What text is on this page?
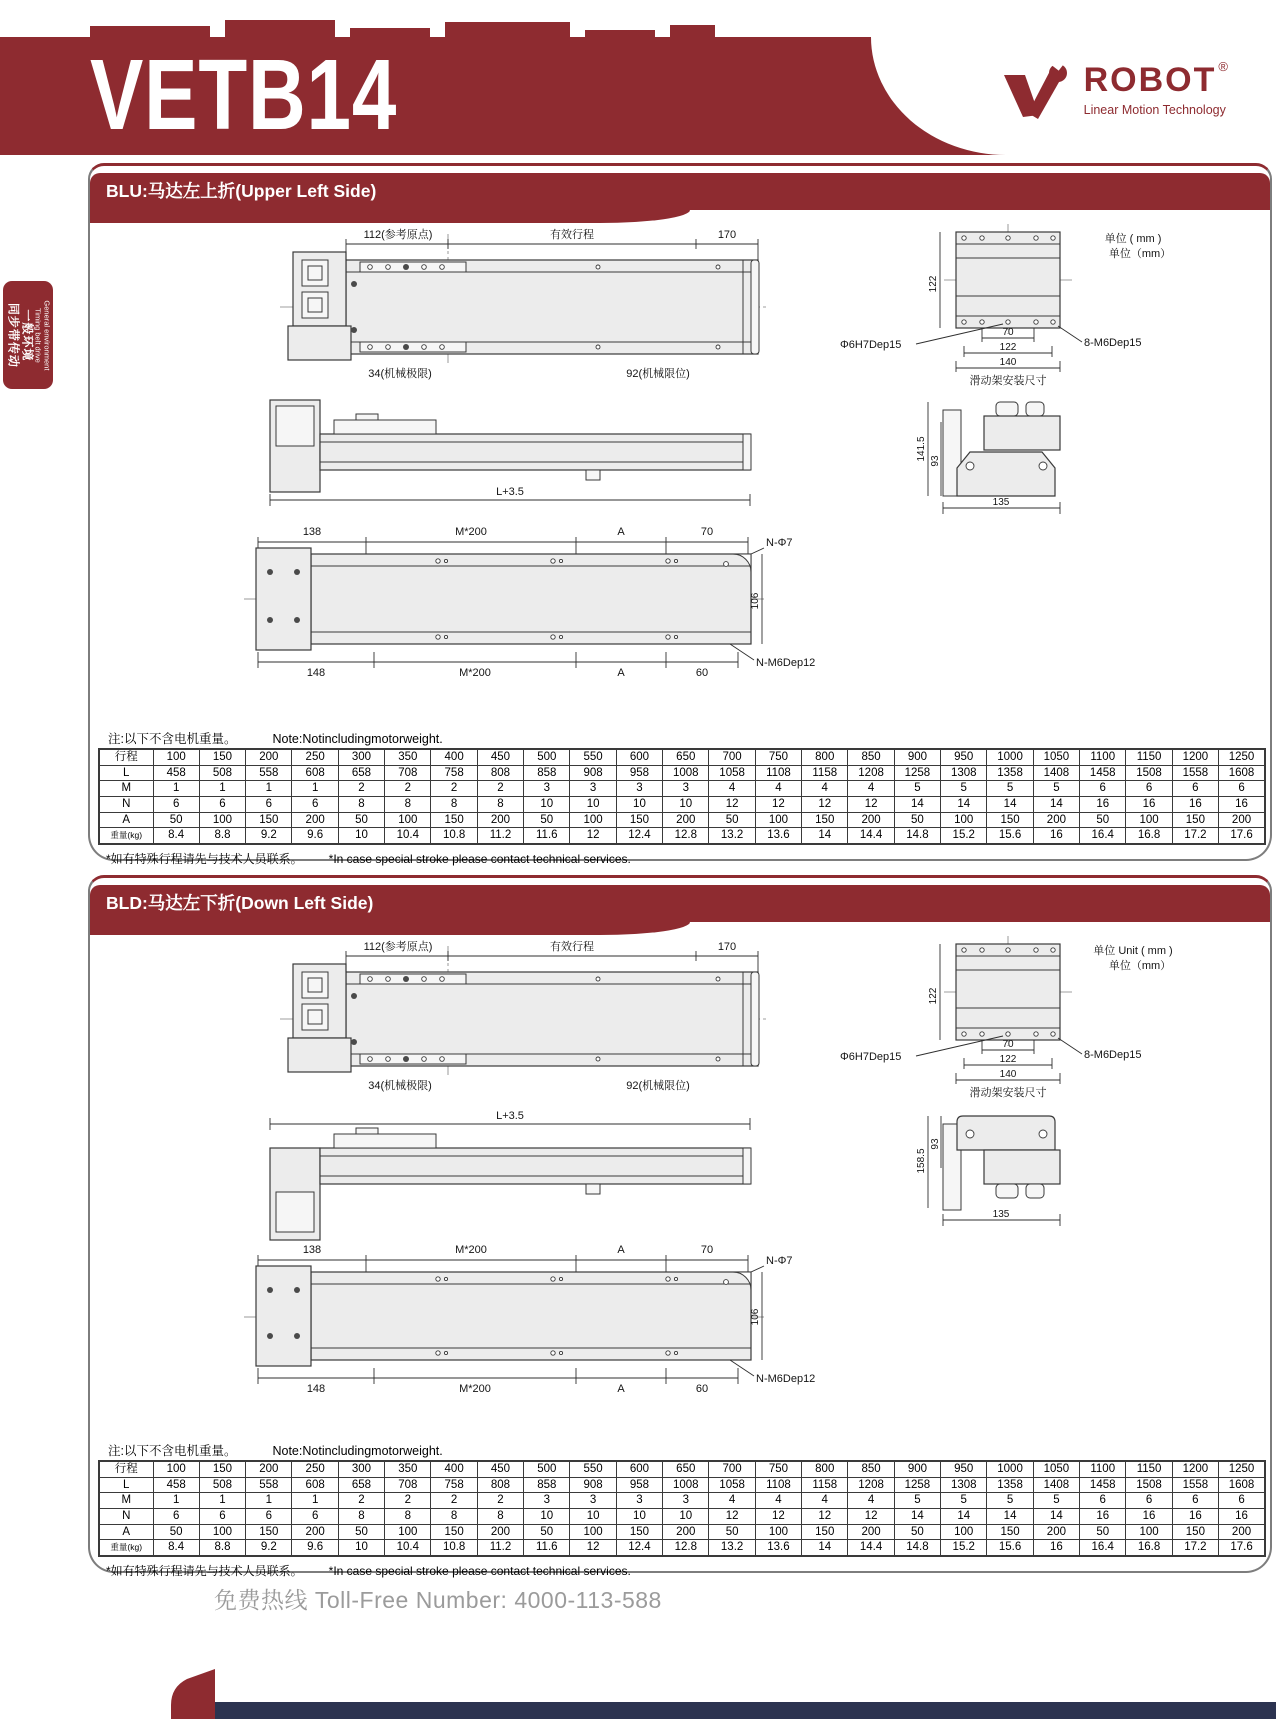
ROBOT ®
Linear Motion Technology
VETB14
General environment
Timing belt drive
一般环境
同步带传动
BLU:马达左上折(Upper Left Side)
112(参考原点)	有效行程	170
34(机械极限)	92(机械限位)
122
70
122
140
Φ6H7Dep15	8-M6Dep15
滑动架安装尺寸
单位 ( mm )
单位（mm）
L+3.5
141.5 93
135
138	M*200	A	70
N-Φ7
106
148	M*200	A	60
N-M6Dep12
注:以下不含电机重量。	Note:Notincludingmotorweight.
行程	100	150	200	250	300	350	400	450	500	550	600	650	700	750	800	850	900	950	1000	1050	1100	1150	1200	1250
L	458	508	558	608	658	708	758	808	858	908	958	1008	1058	1108	1158	1208	1258	1308	1358	1408	1458	1508	1558	1608
M	1	1	1	1	2	2	2	2	3	3	3	3	4	4	4	4	5	5	5	5	6	6	6	6
N	6	6	6	6	8	8	8	8	10	10	10	10	12	12	12	12	14	14	14	14	16	16	16	16
A	50	100	150	200	50	100	150	200	50	100	150	200	50	100	150	200	50	100	150	200	50	100	150	200
重量(kg)	8.4	8.8	9.2	9.6	10	10.4	10.8	11.2	11.6	12	12.4	12.8	13.2	13.6	14	14.4	14.8	15.2	15.6	16	16.4	16.8	17.2	17.6
*如有特殊行程请先与技术人员联系。 *In case special stroke please contact technical services.
BLD:马达左下折(Down Left Side)
112(参考原点)	有效行程	170
34(机械极限)	92(机械限位)
122
70
122
140
Φ6H7Dep15	8-M6Dep15
滑动架安装尺寸
单位 Unit ( mm )
单位（mm）
L+3.5
158.5
93
135
138	M*200	A	70
N-Φ7
106
148	M*200	A	60
N-M6Dep12
注:以下不含电机重量。	Note:Notincludingmotorweight.
行程	100	150	200	250	300	350	400	450	500	550	600	650	700	750	800	850	900	950	1000	1050	1100	1150	1200	1250
L	458	508	558	608	658	708	758	808	858	908	958	1008	1058	1108	1158	1208	1258	1308	1358	1408	1458	1508	1558	1608
M	1	1	1	1	2	2	2	2	3	3	3	3	4	4	4	4	5	5	5	5	6	6	6	6
N	6	6	6	6	8	8	8	8	10	10	10	10	12	12	12	12	14	14	14	14	16	16	16	16
A	50	100	150	200	50	100	150	200	50	100	150	200	50	100	150	200	50	100	150	200	50	100	150	200
重量(kg)	8.4	8.8	9.2	9.6	10	10.4	10.8	11.2	11.6	12	12.4	12.8	13.2	13.6	14	14.4	14.8	15.2	15.6	16	16.4	16.8	17.2	17.6
*如有特殊行程请先与技术人员联系。 *In case special stroke please contact technical services.
免费热线 Toll-Free Number: 4000-113-588
